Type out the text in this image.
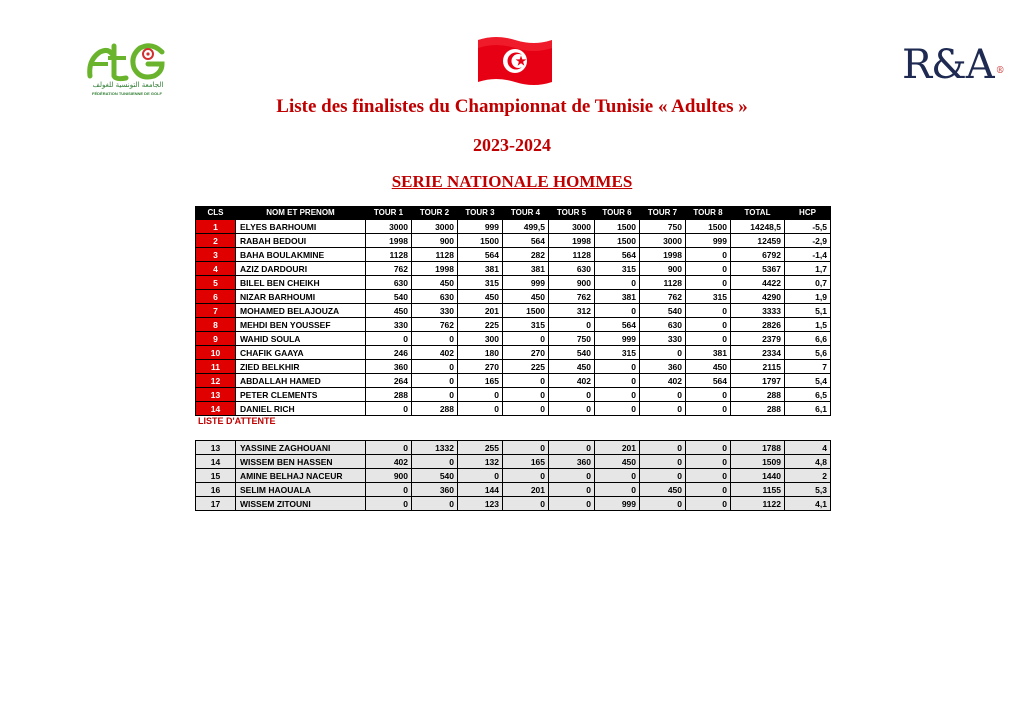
الجامعة التونسية للغولف
FÉDÉRATION TUNISIENNE DE GOLF
R&A ®
Liste des finalistes du Championnat de Tunisie « Adultes »
2023-2024
SERIE NATIONALE HOMMES
CLS	NOM ET PRENOM	TOUR 1	TOUR 2	TOUR 3	TOUR 4	TOUR 5	TOUR 6	TOUR 7	TOUR 8	TOTAL	HCP
1	ELYES BARHOUMI	3000	3000	999	499,5	3000	1500	750	1500	14248,5	-5,5
2	RABAH BEDOUI	1998	900	1500	564	1998	1500	3000	999	12459	-2,9
3	BAHA BOULAKMINE	1128	1128	564	282	1128	564	1998	0	6792	-1,4
4	AZIZ DARDOURI	762	1998	381	381	630	315	900	0	5367	1,7
5	BILEL BEN CHEIKH	630	450	315	999	900	0	1128	0	4422	0,7
6	NIZAR BARHOUMI	540	630	450	450	762	381	762	315	4290	1,9
7	MOHAMED BELAJOUZA	450	330	201	1500	312	0	540	0	3333	5,1
8	MEHDI BEN YOUSSEF	330	762	225	315	0	564	630	0	2826	1,5
9	WAHID SOULA	0	0	300	0	750	999	330	0	2379	6,6
10	CHAFIK GAAYA	246	402	180	270	540	315	0	381	2334	5,6
11	ZIED BELKHIR	360	0	270	225	450	0	360	450	2115	7
12	ABDALLAH HAMED	264	0	165	0	402	0	402	564	1797	5,4
13	PETER CLEMENTS	288	0	0	0	0	0	0	0	288	6,5
14	DANIEL RICH	0	288	0	0	0	0	0	0	288	6,1
LISTE D'ATTENTE
13	YASSINE ZAGHOUANI	0	1332	255	0	0	201	0	0	1788	4
14	WISSEM BEN HASSEN	402	0	132	165	360	450	0	0	1509	4,8
15	AMINE BELHAJ NACEUR	900	540	0	0	0	0	0	0	1440	2
16	SELIM HAOUALA	0	360	144	201	0	0	450	0	1155	5,3
17	WISSEM ZITOUNI	0	0	123	0	0	999	0	0	1122	4,1
